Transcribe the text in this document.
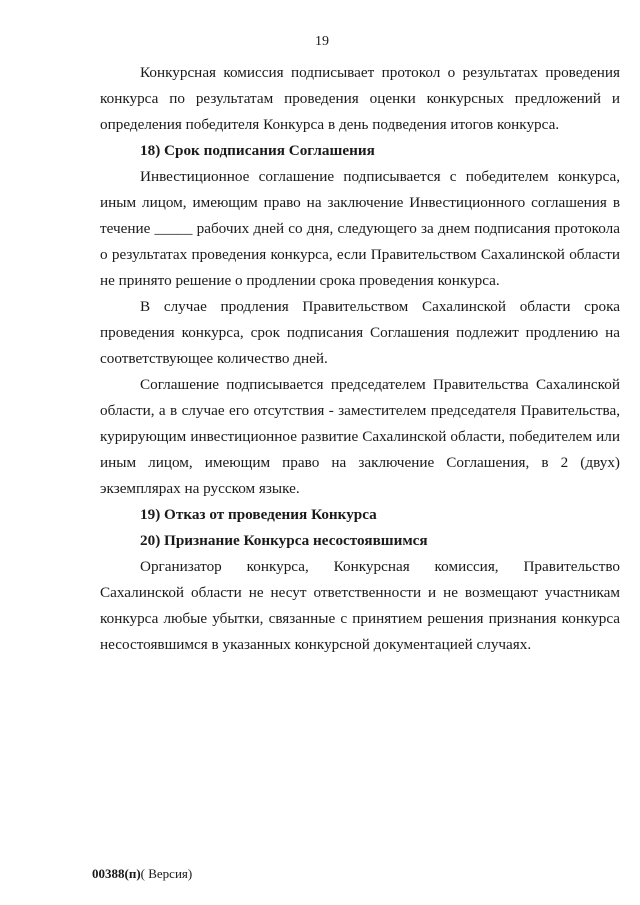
19

Конкурсная комиссия подписывает протокол о результатах проведения конкурса по результатам проведения оценки конкурсных предложений и определения победителя Конкурса в день подведения итогов конкурса.

18) Срок подписания Соглашения

Инвестиционное соглашение подписывается с победителем конкурса, иным лицом, имеющим право на заключение Инвестиционного соглашения в течение _____ рабочих дней со дня, следующего за днем подписания протокола о результатах проведения конкурса, если Правительством Сахалинской области не принято решение о продлении срока проведения конкурса.

В случае продления Правительством Сахалинской области срока проведения конкурса, срок подписания Соглашения подлежит продлению на соответствующее количество дней.

Соглашение подписывается председателем Правительства Сахалинской области, а в случае его отсутствия - заместителем председателя Правительства, курирующим инвестиционное развитие Сахалинской области, победителем или иным лицом, имеющим право на заключение Соглашения, в 2 (двух) экземплярах на русском языке.

19) Отказ от проведения Конкурса

20) Признание Конкурса несостоявшимся

Организатор конкурса, Конкурсная комиссия, Правительство Сахалинской области не несут ответственности и не возмещают участникам конкурса любые убытки, связанные с принятием решения признания конкурса несостоявшимся в указанных конкурсной документацией случаях.

00388(п)( Версия)
